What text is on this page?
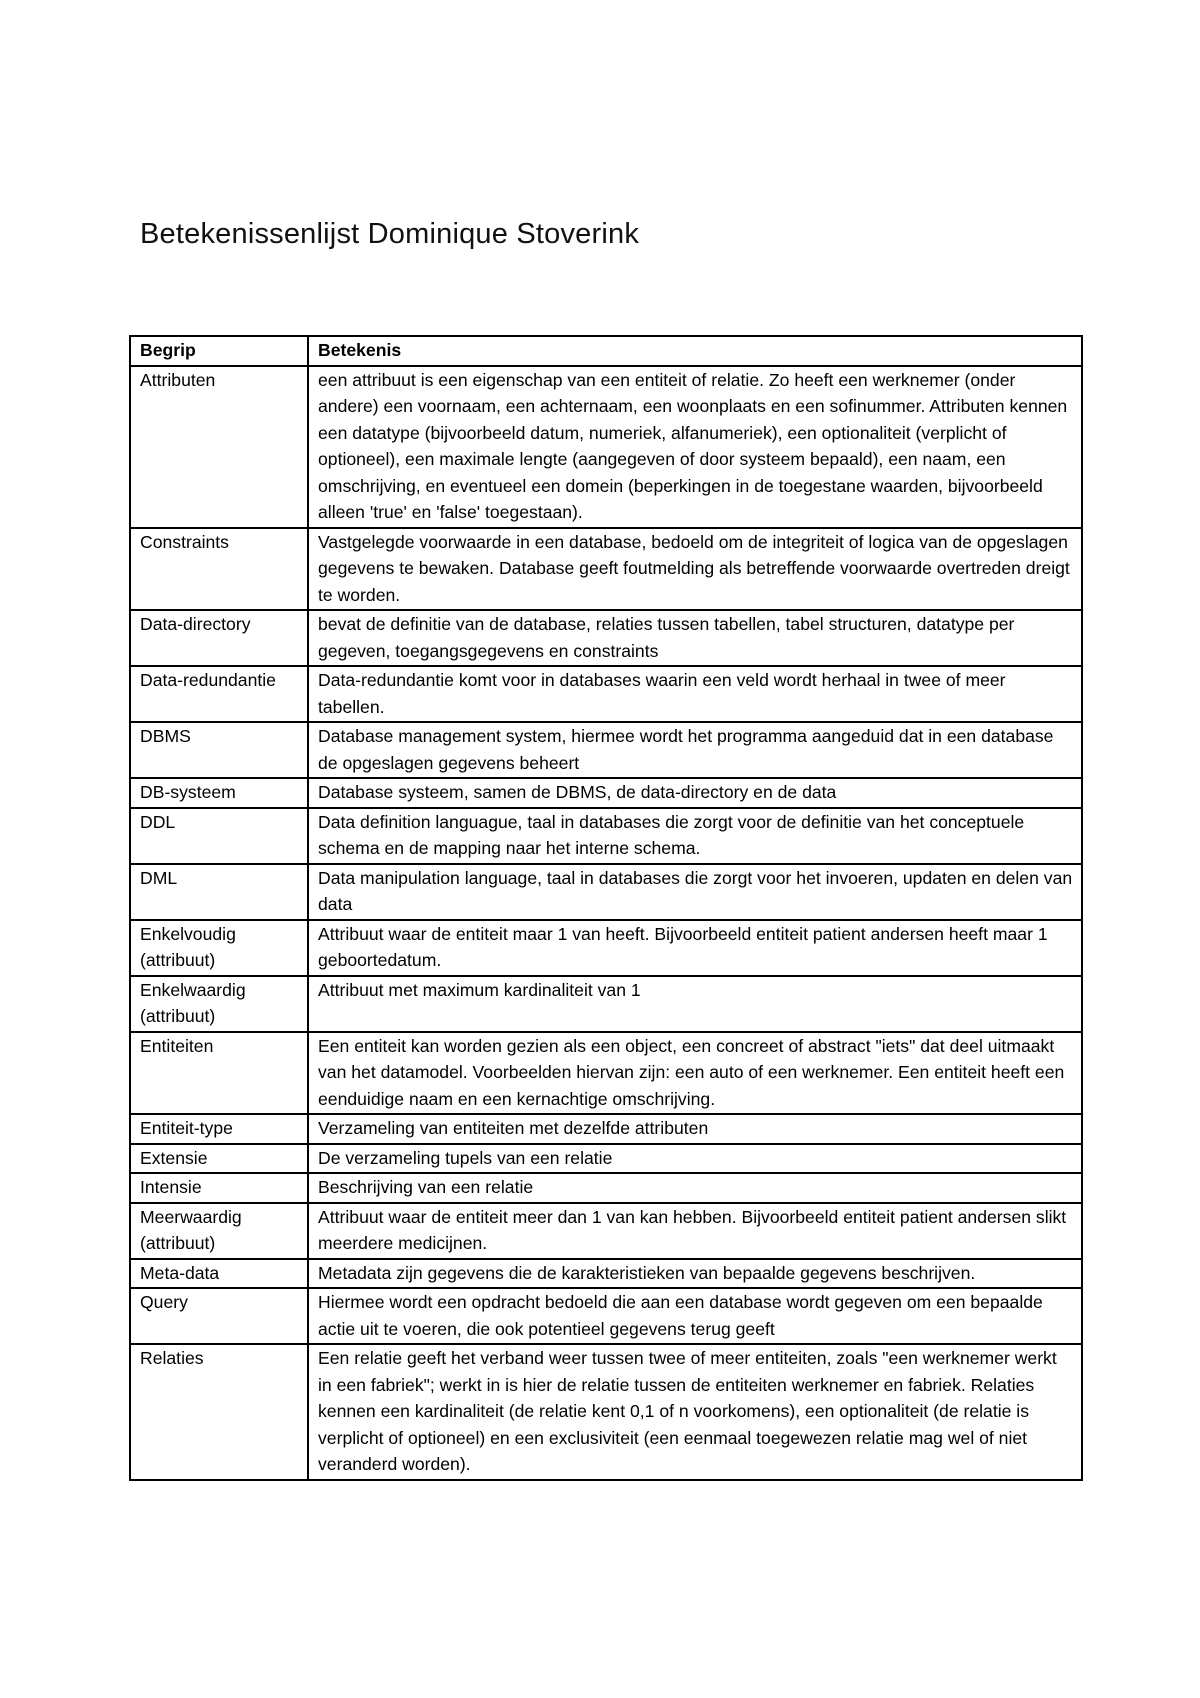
Betekenissenlijst Dominique Stoverink
Begrip	Betekenis
Attributen	een attribuut is een eigenschap van een entiteit of relatie. Zo heeft een werknemer (onder andere) een voornaam, een achternaam, een woonplaats en een sofinummer. Attributen kennen een datatype (bijvoorbeeld datum, numeriek, alfanumeriek), een optionaliteit (verplicht of optioneel), een maximale lengte (aangegeven of door systeem bepaald), een naam, een omschrijving, en eventueel een domein (beperkingen in de toegestane waarden, bijvoorbeeld alleen 'true' en 'false' toegestaan).
Constraints	Vastgelegde voorwaarde in een database, bedoeld om de integriteit of logica van de opgeslagen gegevens te bewaken. Database geeft foutmelding als betreffende voorwaarde overtreden dreigt te worden.
Data-directory	bevat de definitie van de database, relaties tussen tabellen, tabel structuren, datatype per gegeven, toegangsgegevens en constraints
Data-redundantie	Data-redundantie komt voor in databases waarin een veld wordt herhaal in twee of meer tabellen.
DBMS	Database management system, hiermee wordt het programma aangeduid dat in een database de opgeslagen gegevens beheert
DB-systeem	Database systeem, samen de DBMS, de data-directory en de data
DDL	Data definition languague, taal in databases die zorgt voor de definitie van het conceptuele schema en de mapping naar het interne schema.
DML	Data manipulation language, taal in databases die zorgt voor het invoeren, updaten en delen van data
Enkelvoudig (attribuut)	Attribuut waar de entiteit maar 1 van heeft. Bijvoorbeeld entiteit patient andersen heeft maar 1 geboortedatum.
Enkelwaardig (attribuut)	Attribuut met maximum kardinaliteit van 1
Entiteiten	Een entiteit kan worden gezien als een object, een concreet of abstract "iets" dat deel uitmaakt van het datamodel. Voorbeelden hiervan zijn: een auto of een werknemer. Een entiteit heeft een eenduidige naam en een kernachtige omschrijving.
Entiteit-type	Verzameling van entiteiten met dezelfde attributen
Extensie	De verzameling tupels van een relatie
Intensie	Beschrijving van een relatie
Meerwaardig (attribuut)	Attribuut waar de entiteit meer dan 1 van kan hebben. Bijvoorbeeld entiteit patient andersen slikt meerdere medicijnen.
Meta-data	Metadata zijn gegevens die de karakteristieken van bepaalde gegevens beschrijven.
Query	Hiermee wordt een opdracht bedoeld die aan een database wordt gegeven om een bepaalde actie uit te voeren, die ook potentieel gegevens terug geeft
Relaties	Een relatie geeft het verband weer tussen twee of meer entiteiten, zoals "een werknemer werkt in een fabriek"; werkt in is hier de relatie tussen de entiteiten werknemer en fabriek. Relaties kennen een kardinaliteit (de relatie kent 0,1 of n voorkomens), een optionaliteit (de relatie is verplicht of optioneel) en een exclusiviteit (een eenmaal toegewezen relatie mag wel of niet veranderd worden).
